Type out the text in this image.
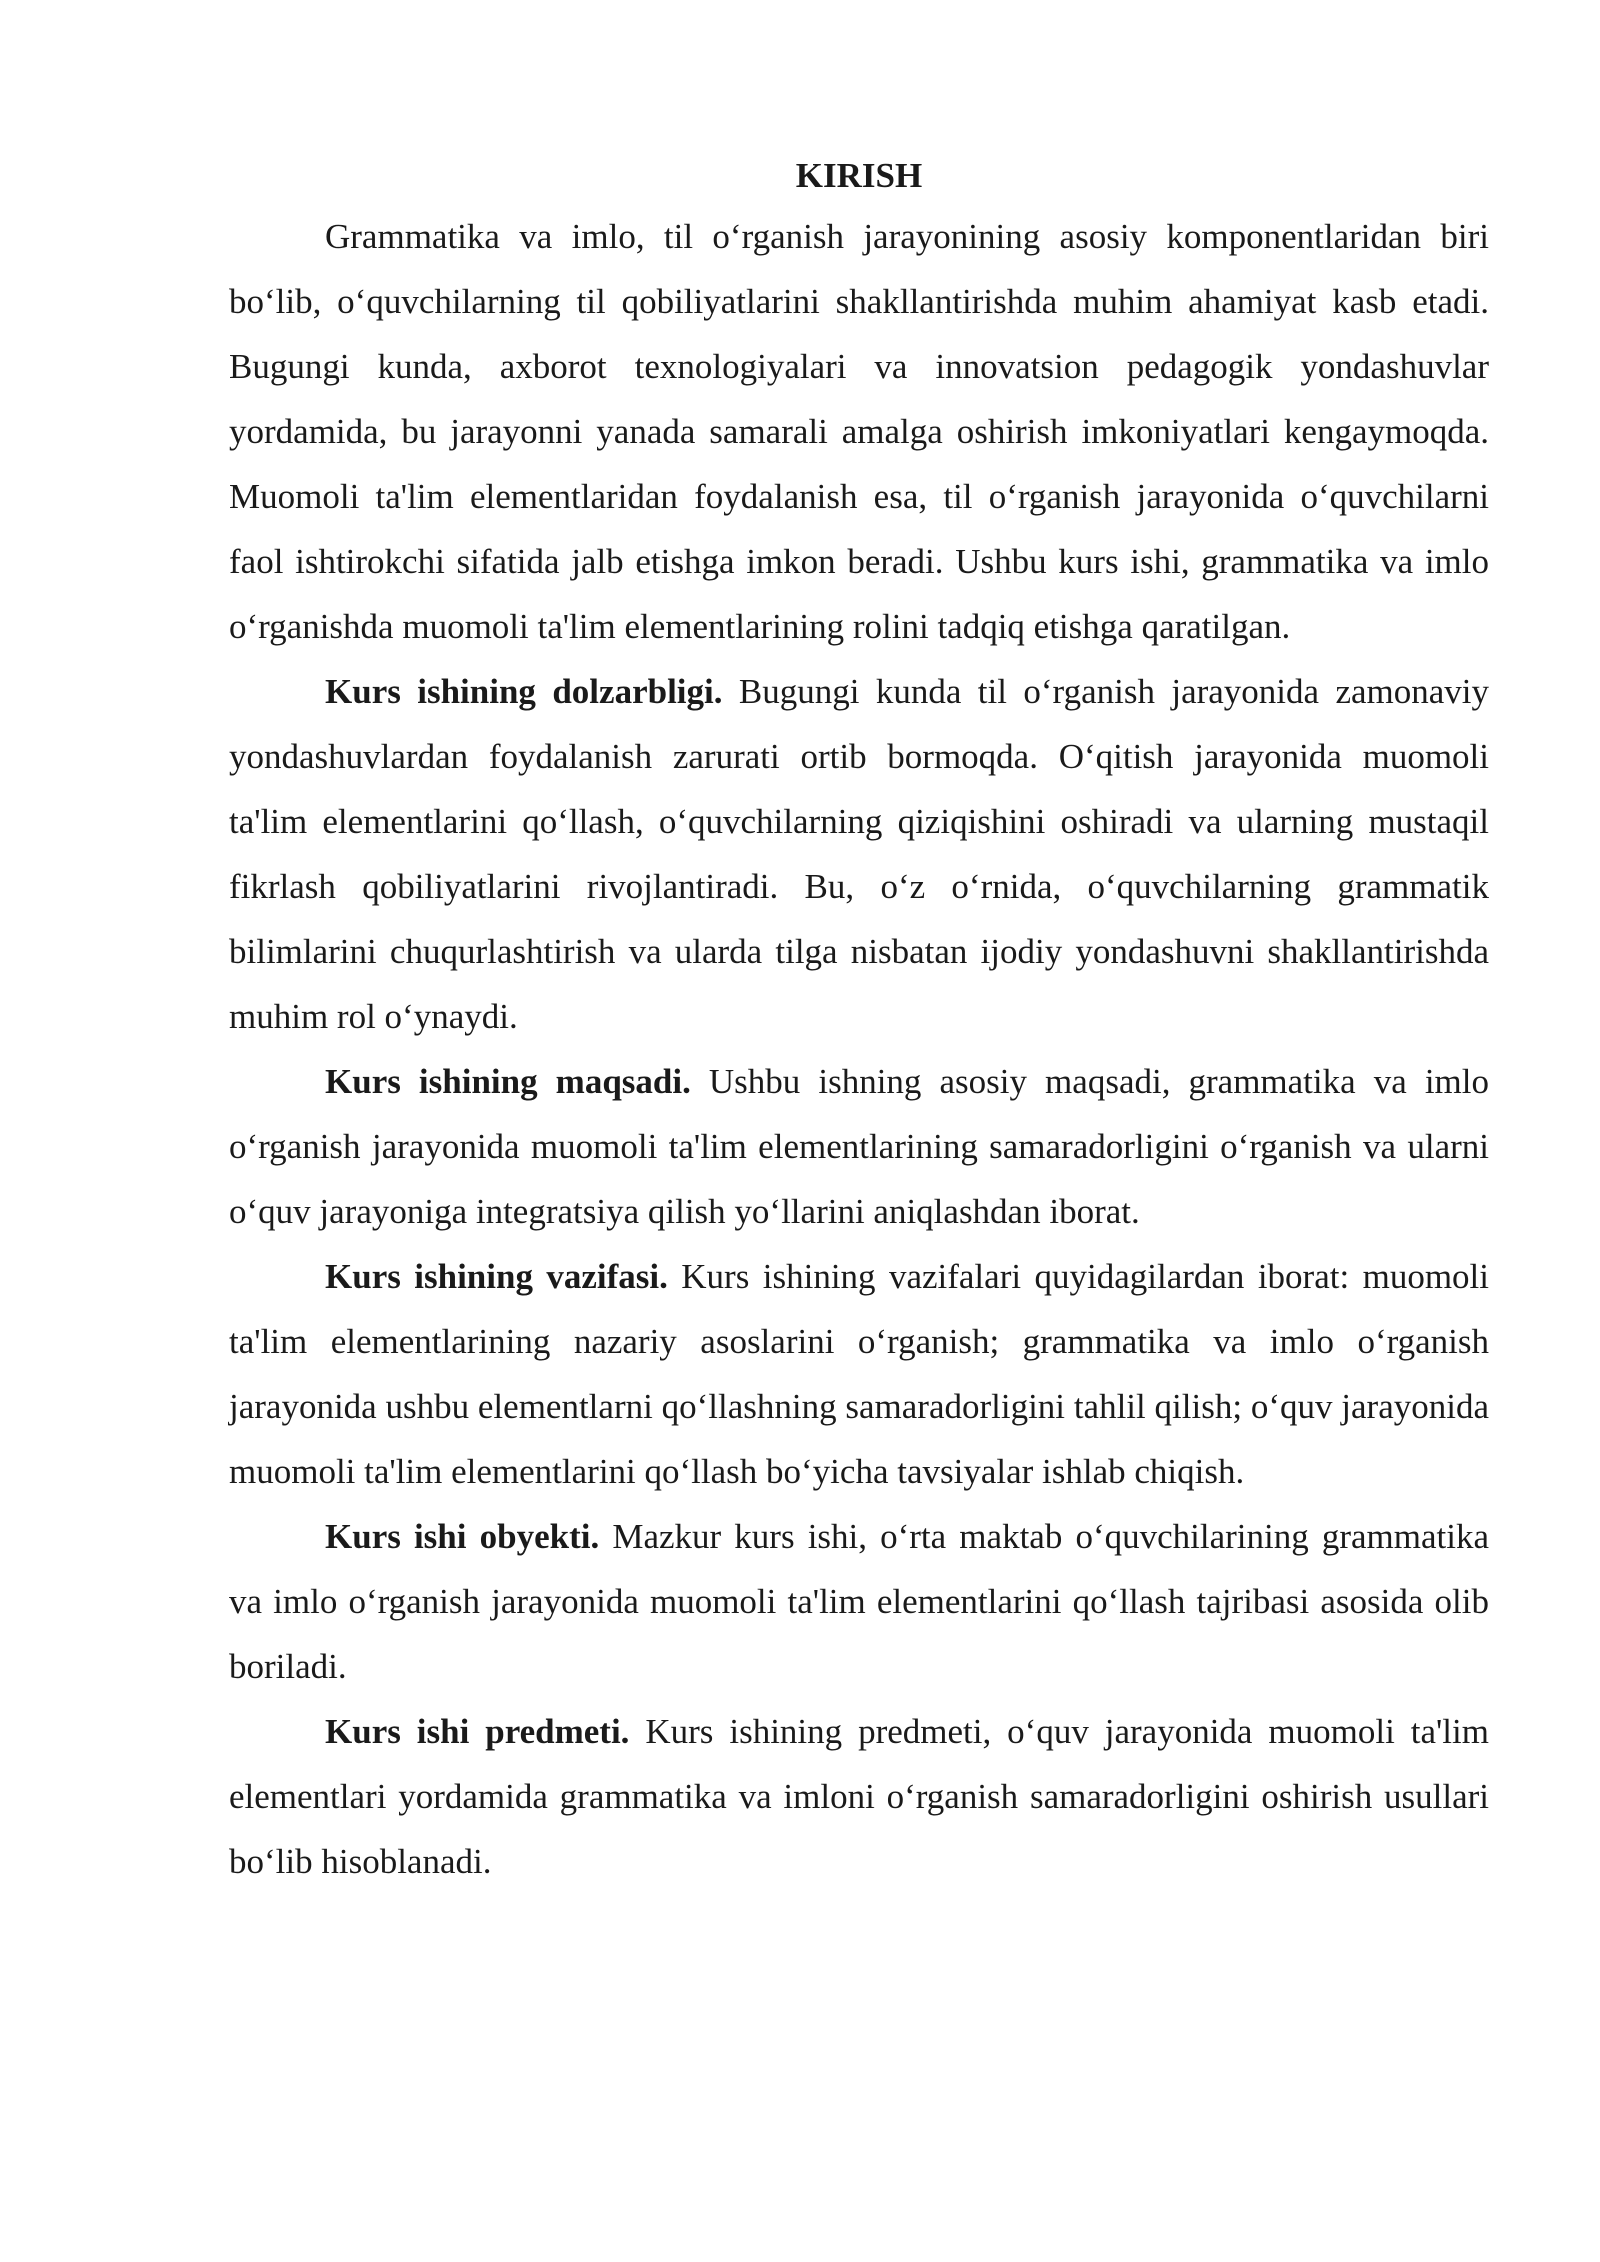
KIRISH

Grammatika va imlo, til o‘rganish jarayonining asosiy komponentlaridan biri bo‘lib, o‘quvchilarning til qobiliyatlarini shakllantirishda muhim ahamiyat kasb etadi. Bugungi kunda, axborot texnologiyalari va innovatsion pedagogik yondashuvlar yordamida, bu jarayonni yanada samarali amalga oshirish imkoniyatlari kengaymoqda. Muomoli ta'lim elementlaridan foydalanish esa, til o‘rganish jarayonida o‘quvchilarni faol ishtirokchi sifatida jalb etishga imkon beradi. Ushbu kurs ishi, grammatika va imlo o‘rganishda muomoli ta'lim elementlarining rolini tadqiq etishga qaratilgan.

Kurs ishining dolzarbligi. Bugungi kunda til o‘rganish jarayonida zamonaviy yondashuvlardan foydalanish zarurati ortib bormoqda. O‘qitish jarayonida muomoli ta'lim elementlarini qo‘llash, o‘quvchilarning qiziqishini oshiradi va ularning mustaqil fikrlash qobiliyatlarini rivojlantiradi. Bu, o‘z o‘rnida, o‘quvchilarning grammatik bilimlarini chuqurlashtirish va ularda tilga nisbatan ijodiy yondashuvni shakllantirishda muhim rol o‘ynaydi.

Kurs ishining maqsadi. Ushbu ishning asosiy maqsadi, grammatika va imlo o‘rganish jarayonida muomoli ta'lim elementlarining samaradorligini o‘rganish va ularni o‘quv jarayoniga integratsiya qilish yo‘llarini aniqlashdan iborat.

Kurs ishining vazifasi. Kurs ishining vazifalari quyidagilardan iborat: muomoli ta'lim elementlarining nazariy asoslarini o‘rganish; grammatika va imlo o‘rganish jarayonida ushbu elementlarni qo‘llashning samaradorligini tahlil qilish; o‘quv jarayonida muomoli ta'lim elementlarini qo‘llash bo‘yicha tavsiyalar ishlab chiqish.

Kurs ishi obyekti. Mazkur kurs ishi, o‘rta maktab o‘quvchilarining grammatika va imlo o‘rganish jarayonida muomoli ta'lim elementlarini qo‘llash tajribasi asosida olib boriladi.

Kurs ishi predmeti. Kurs ishining predmeti, o‘quv jarayonida muomoli ta'lim elementlari yordamida grammatika va imloni o‘rganish samaradorligini oshirish usullari bo‘lib hisoblanadi.
